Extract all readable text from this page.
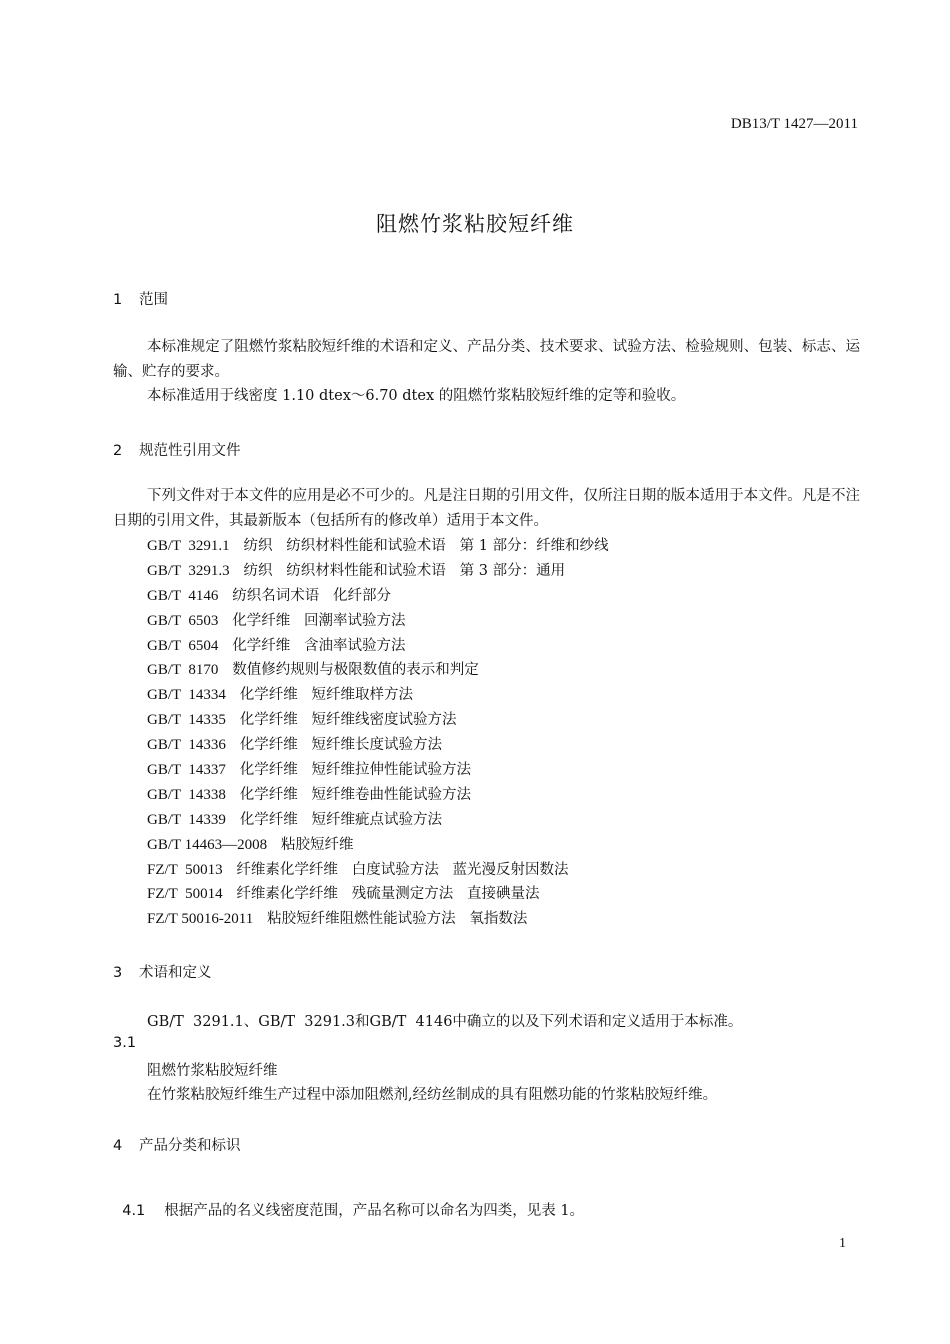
DB13/T 1427—2011
阻燃竹浆粘胶短纤维
1 范围
本标准规定了阻燃竹浆粘胶短纤维的术语和定义、产品分类、技术要求、试验方法、检验规则、包装、标志、运输、贮存的要求。
本标准适用于线密度 1.10 dtex～6.70 dtex 的阻燃竹浆粘胶短纤维的定等和验收。
2 规范性引用文件
下列文件对于本文件的应用是必不可少的。凡是注日期的引用文件，仅所注日期的版本适用于本文件。凡是不注日期的引用文件，其最新版本（包括所有的修改单）适用于本文件。
GB/T  3291.1   纺织   纺织材料性能和试验术语   第 1 部分：纤维和纱线
GB/T  3291.3   纺织   纺织材料性能和试验术语   第 3 部分：通用
GB/T  4146   纺织名词术语   化纤部分
GB/T  6503   化学纤维   回潮率试验方法
GB/T  6504   化学纤维   含油率试验方法
GB/T  8170   数值修约规则与极限数值的表示和判定
GB/T  14334   化学纤维   短纤维取样方法
GB/T  14335   化学纤维   短纤维线密度试验方法
GB/T  14336   化学纤维   短纤维长度试验方法
GB/T  14337   化学纤维   短纤维拉伸性能试验方法
GB/T  14338   化学纤维   短纤维卷曲性能试验方法
GB/T  14339   化学纤维   短纤维疵点试验方法
GB/T 14463—2008   粘胶短纤维
FZ/T  50013   纤维素化学纤维   白度试验方法   蓝光漫反射因数法
FZ/T  50014   纤维素化学纤维   残硫量测定方法   直接碘量法
FZ/T 50016-2011   粘胶短纤维阻燃性能试验方法   氧指数法
3 术语和定义
GB/T  3291.1、GB/T  3291.3和GB/T  4146中确立的以及下列术语和定义适用于本标准。
3.1
阻燃竹浆粘胶短纤维
在竹浆粘胶短纤维生产过程中添加阻燃剂,经纺丝制成的具有阻燃功能的竹浆粘胶短纤维。
4 产品分类和标识

4.1 根据产品的名义线密度范围，产品名称可以命名为四类，见表 1。

1
